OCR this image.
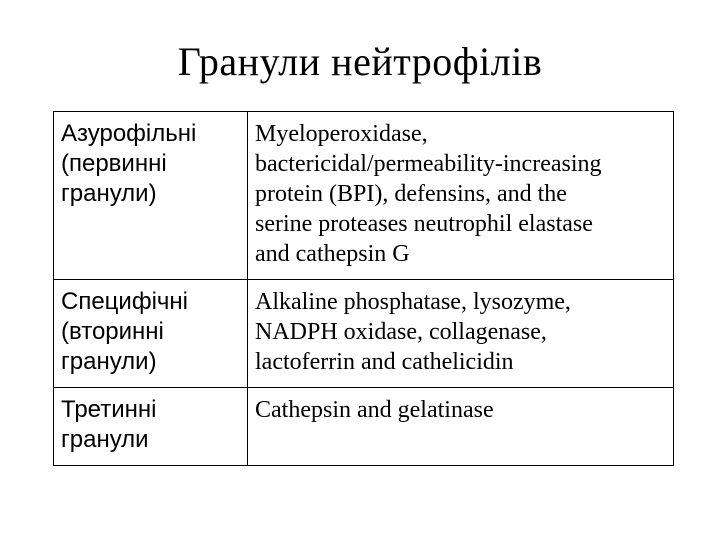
Гранули нейтрофілів
Азурофільні
(первинні
гранули)	Myeloperoxidase,
bactericidal/permeability-increasing
protein (BPI), defensins, and the
serine proteases neutrophil elastase
and cathepsin G

Специфічні
(вторинні
гранули)	Alkaline phosphatase, lysozyme,
NADPH oxidase, collagenase,
lactoferrin and cathelicidin

Третинні
гранули	Cathepsin and gelatinase
